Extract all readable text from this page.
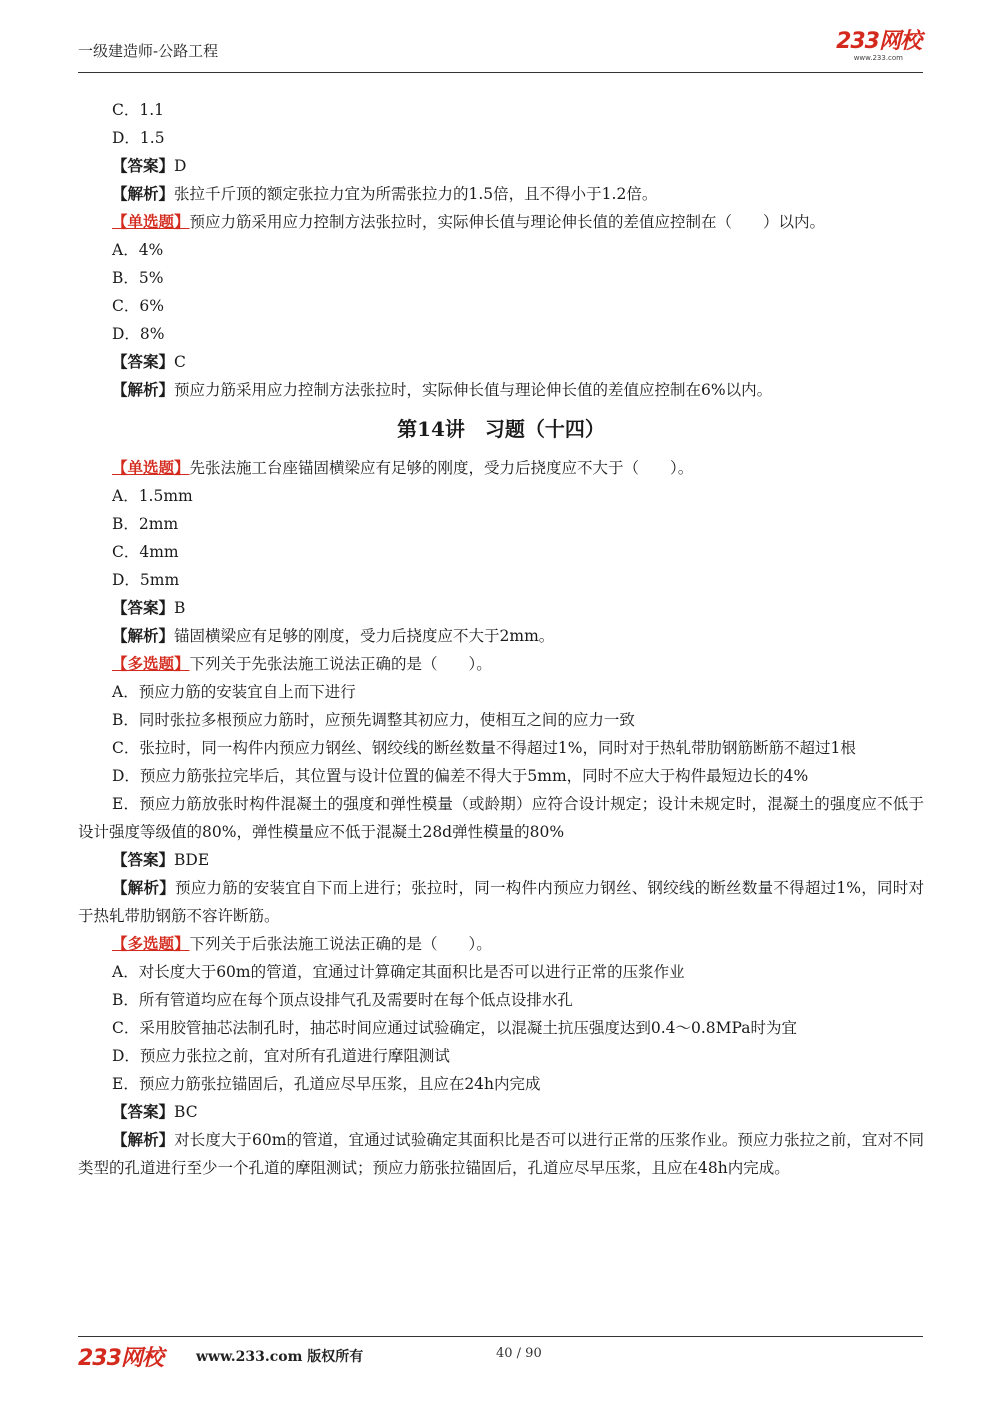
一级建造师-公路工程	233网校
www.233.com
C．1.1
D．1.5
【答案】D
【解析】张拉千斤顶的额定张拉力宜为所需张拉力的1.5倍，且不得小于1.2倍。
【单选题】预应力筋采用应力控制方法张拉时，实际伸长值与理论伸长值的差值应控制在（　　）以内。
A．4%
B．5%
C．6%
D．8%
【答案】C
【解析】预应力筋采用应力控制方法张拉时，实际伸长值与理论伸长值的差值应控制在6%以内。
第14讲　习题（十四）
【单选题】先张法施工台座锚固横梁应有足够的刚度，受力后挠度应不大于（　　）。
A．1.5mm
B．2mm
C．4mm
D．5mm
【答案】B
【解析】锚固横梁应有足够的刚度，受力后挠度应不大于2mm。
【多选题】下列关于先张法施工说法正确的是（　　）。
A．预应力筋的安装宜自上而下进行
B．同时张拉多根预应力筋时，应预先调整其初应力，使相互之间的应力一致
C．张拉时，同一构件内预应力钢丝、钢绞线的断丝数量不得超过1%，同时对于热轧带肋钢筋断筋不超过1根
D．预应力筋张拉完毕后，其位置与设计位置的偏差不得大于5mm，同时不应大于构件最短边长的4%
E．预应力筋放张时构件混凝土的强度和弹性模量（或龄期）应符合设计规定；设计未规定时，混凝土的强度应不低于设计强度等级值的80%，弹性模量应不低于混凝土28d弹性模量的80%
【答案】BDE
【解析】预应力筋的安装宜自下而上进行；张拉时，同一构件内预应力钢丝、钢绞线的断丝数量不得超过1%，同时对于热轧带肋钢筋不容许断筋。
【多选题】下列关于后张法施工说法正确的是（　　）。
A．对长度大于60m的管道，宜通过计算确定其面积比是否可以进行正常的压浆作业
B．所有管道均应在每个顶点设排气孔及需要时在每个低点设排水孔
C．采用胶管抽芯法制孔时，抽芯时间应通过试验确定，以混凝土抗压强度达到0.4～0.8MPa时为宜
D．预应力张拉之前，宜对所有孔道进行摩阻测试
E．预应力筋张拉锚固后，孔道应尽早压浆，且应在24h内完成
【答案】BC
【解析】对长度大于60m的管道，宜通过试验确定其面积比是否可以进行正常的压浆作业。预应力张拉之前，宜对不同类型的孔道进行至少一个孔道的摩阻测试；预应力筋张拉锚固后，孔道应尽早压浆，且应在48h内完成。
233网校 www.233.com 版权所有	40 / 90
